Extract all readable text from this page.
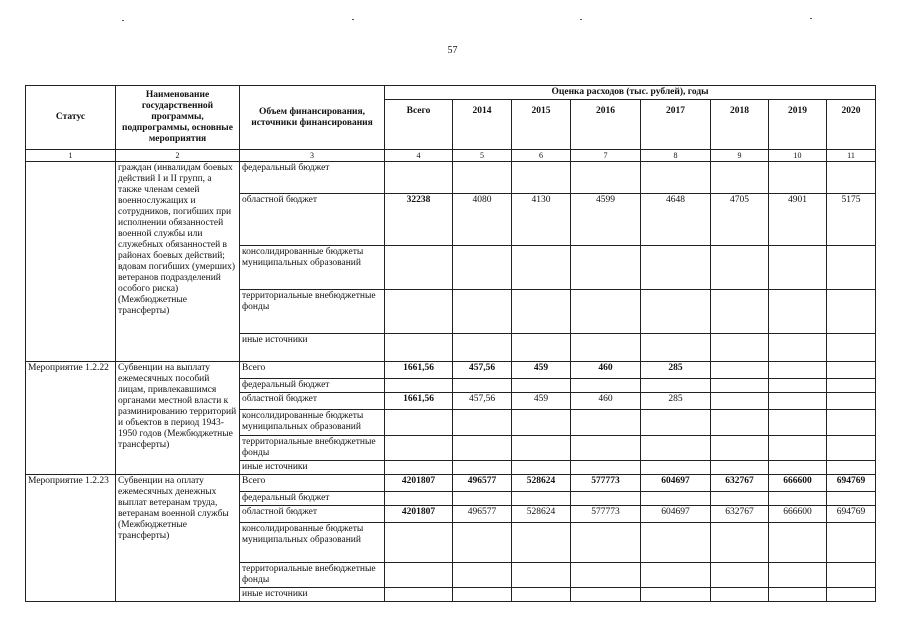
57
Статус	Наименование государственной программы, подпрограммы, основные мероприятия	Объем финансирования, источники финансирования	Оценка расходов (тыс. рублей), годы							
			Всего	2014	2015	2016	2017	2018	2019	2020
1	2	3	4	5	6	7	8	9	10	11
	граждан (инвалидам боевых действий I и II групп, а также членам семей военнослужащих и сотрудников, погибших при исполнении обязанностей военной службы или служебных обязанностей в районах боевых действий; вдовам погибших (умерших) ветеранов подразделений особого риска) (Межбюджетные трансферты)	федеральный бюджет								
		областной бюджет	32238	4080	4130	4599	4648	4705	4901	5175
		консолидированные бюджеты муниципальных образований								
		территориальные внебюджетные фонды								
		иные источники								
Мероприятие 1.2.22	Субвенции на выплату ежемесячных пособий лицам, привлекавшимся органами местной власти к разминированию территорий и объектов в период 1943-1950 годов (Межбюджетные трансферты)	Всего	1661,56	457,56	459	460	285			
		федеральный бюджет								
		областной бюджет	1661,56	457,56	459	460	285			
		консолидированные бюджеты муниципальных образований								
		территориальные внебюджетные фонды								
		иные источники								
Мероприятие 1.2.23	Субвенции на оплату ежемесячных денежных выплат ветеранам труда, ветеранам военной службы (Межбюджетные трансферты)	Всего	4201807	496577	528624	577773	604697	632767	666600	694769
		федеральный бюджет								
		областной бюджет	4201807	496577	528624	577773	604697	632767	666600	694769
		консолидированные бюджеты муниципальных образований								
		территориальные внебюджетные фонды								
		иные источники								
